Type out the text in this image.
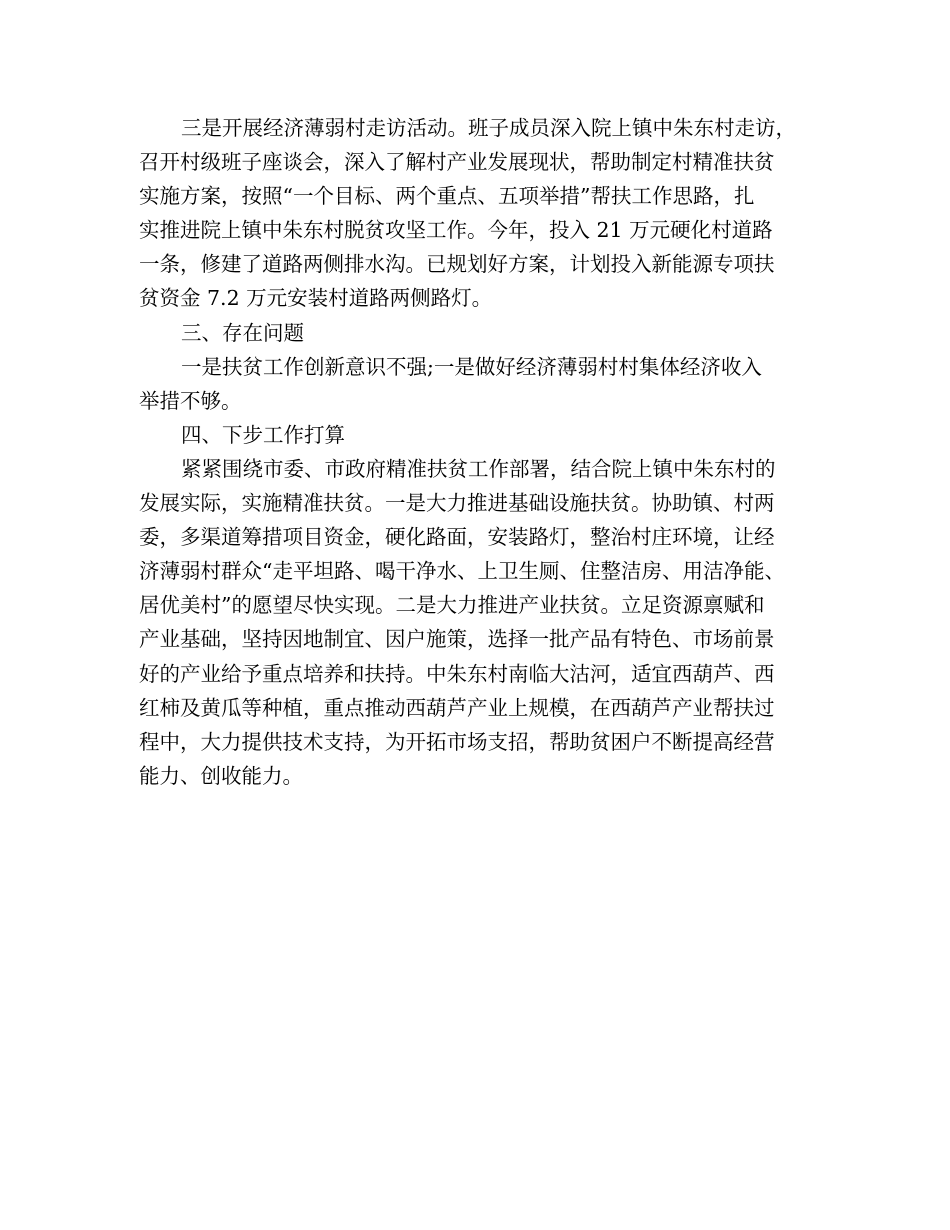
三是开展经济薄弱村走访活动。班子成员深入院上镇中朱东村走访，
召开村级班子座谈会，深入了解村产业发展现状，帮助制定村精准扶贫
实施方案，按照“一个目标、两个重点、五项举措”帮扶工作思路，扎
实推进院上镇中朱东村脱贫攻坚工作。今年，投入 21 万元硬化村道路
一条，修建了道路两侧排水沟。已规划好方案，计划投入新能源专项扶
贫资金 7.2 万元安装村道路两侧路灯。
三、存在问题
一是扶贫工作创新意识不强;一是做好经济薄弱村村集体经济收入
举措不够。
四、下步工作打算
紧紧围绕市委、市政府精准扶贫工作部署，结合院上镇中朱东村的
发展实际，实施精准扶贫。一是大力推进基础设施扶贫。协助镇、村两
委，多渠道筹措项目资金，硬化路面，安装路灯，整治村庄环境，让经
济薄弱村群众“走平坦路、喝干净水、上卫生厕、住整洁房、用洁净能、
居优美村”的愿望尽快实现。二是大力推进产业扶贫。立足资源禀赋和
产业基础，坚持因地制宜、因户施策，选择一批产品有特色、市场前景
好的产业给予重点培养和扶持。中朱东村南临大沽河，适宜西葫芦、西
红柿及黄瓜等种植，重点推动西葫芦产业上规模，在西葫芦产业帮扶过
程中，大力提供技术支持，为开拓市场支招，帮助贫困户不断提高经营
能力、创收能力。
